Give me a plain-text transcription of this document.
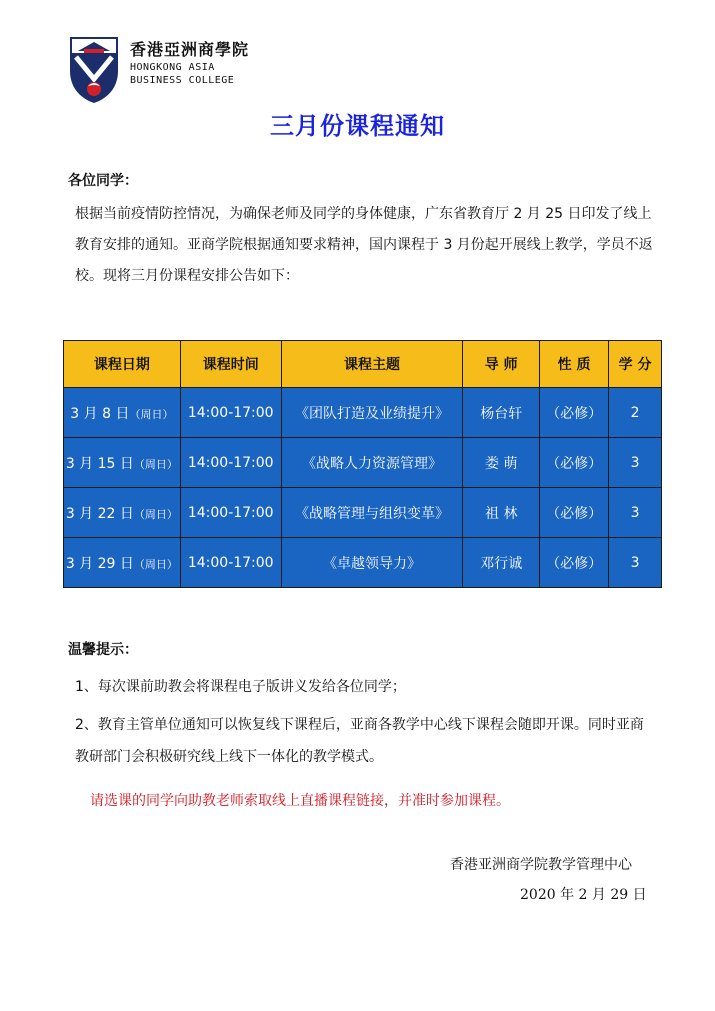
香港亞洲商學院
HONGKONG ASIA
BUSINESS COLLEGE
三月份课程通知
各位同学：

根据当前疫情防控情况，为确保老师及同学的身体健康，广东省教育厅 2 月 25 日印发了线上教育安排的通知。亚商学院根据通知要求精神，国内课程于 3 月份起开展线上教学，学员不返校。现将三月份课程安排公告如下：

课程日期	课程时间	课程主题	导 师	性 质	学 分
3 月 8 日（周日）	14:00-17:00	《团队打造及业绩提升》	杨台轩	（必修）	2
3 月 15 日（周日）	14:00-17:00	《战略人力资源管理》	娄 萌	（必修）	3
3 月 22 日（周日）	14:00-17:00	《战略管理与组织变革》	祖 林	（必修）	3
3 月 29 日（周日）	14:00-17:00	《卓越领导力》	邓行诚	（必修）	3
温馨提示：

1、每次课前助教会将课程电子版讲义发给各位同学；

2、教育主管单位通知可以恢复线下课程后，亚商各教学中心线下课程会随即开课。同时亚商教研部门会积极研究线上线下一体化的教学模式。

请选课的同学向助教老师索取线上直播课程链接，并准时参加课程。

香港亚洲商学院教学管理中心
2020 年 2 月 29 日
